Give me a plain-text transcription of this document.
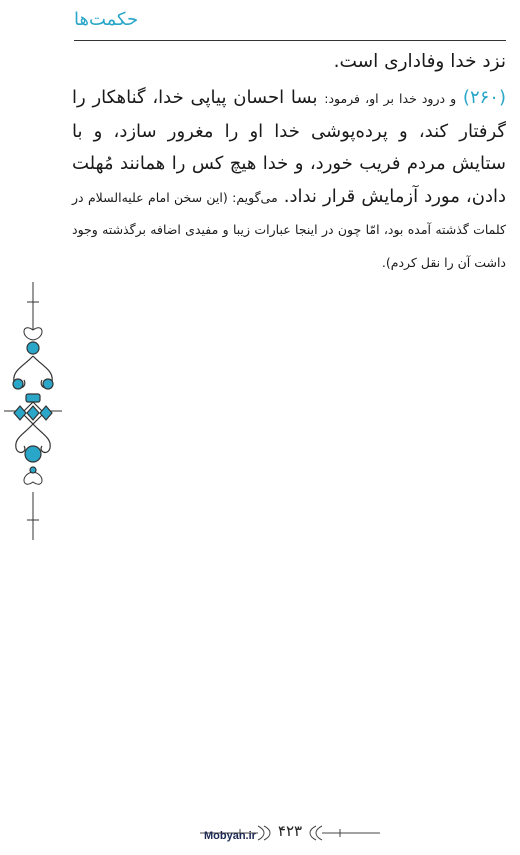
حکمت‌ها

نزد خدا وفاداری است.

(۲۶۰) و درود خدا بر او، فرمود: بسا احسان پیاپی خدا، گناهکار را گرفتار کند، و پرده‌پوشی خدا او را مغرور سازد، و با ستایش مردم فریب خورد، و خدا هیچ کس را همانند مُهلت دادن، مورد آزمایش قرار نداد. می‌گویم: (این سخن امام عليه‌السلام در کلمات گذشته آمده بود، امّا چون در اینجا عبارات زیبا و مفیدی اضافه برگذشته وجود داشت آن را نقل کردم).

۴۲۳
Mobyan.ir
